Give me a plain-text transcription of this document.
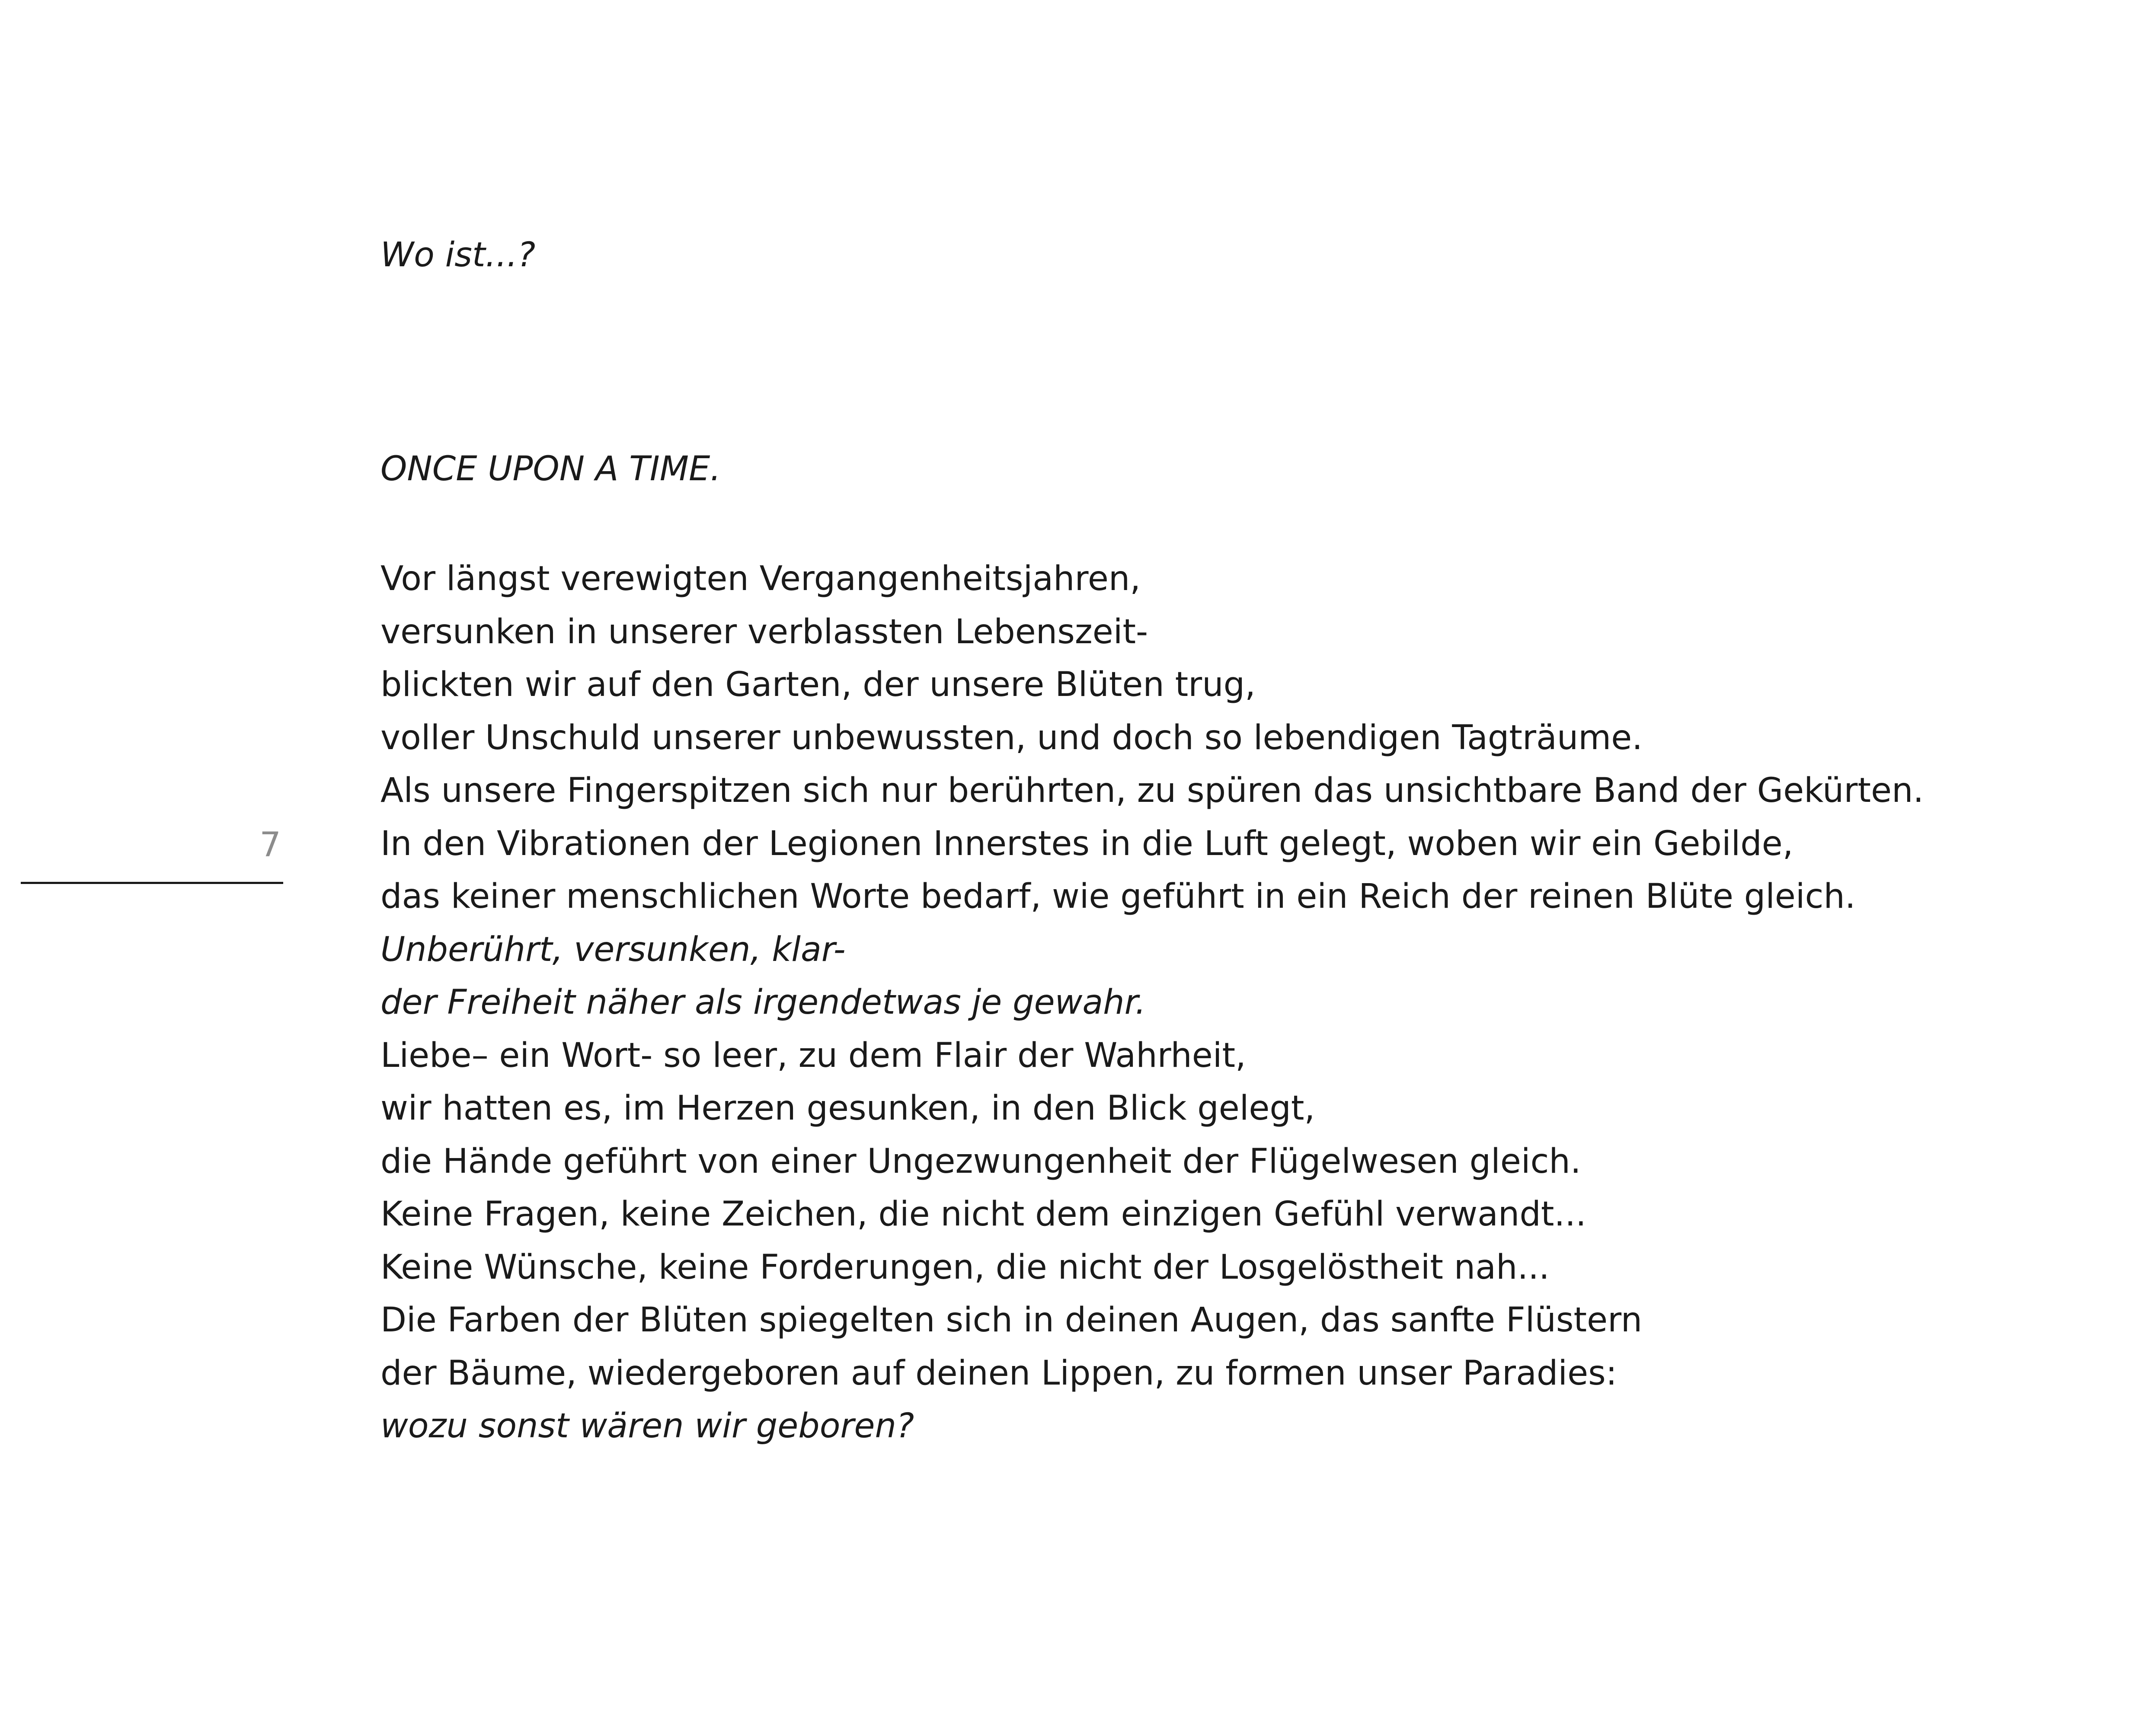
Wo ist...?
ONCE UPON A TIME.
Vor längst verewigten Vergangenheitsjahren,
versunken in unserer verblassten Lebenszeit-
blickten wir auf den Garten, der unsere Blüten trug,
voller Unschuld unserer unbewussten, und doch so lebendigen Tagträume.
Als unsere Fingerspitzen sich nur berührten, zu spüren das unsichtbare Band der Gekürten.
In den Vibrationen der Legionen Innerstes in die Luft gelegt, woben wir ein Gebilde,
das keiner menschlichen Worte bedarf, wie geführt in ein Reich der reinen Blüte gleich.
Unberührt, versunken, klar-
der Freiheit näher als irgendetwas je gewahr.
Liebe– ein Wort- so leer, zu dem Flair der Wahrheit,
wir hatten es, im Herzen gesunken, in den Blick gelegt,
die Hände geführt von einer Ungezwungenheit der Flügelwesen gleich.
Keine Fragen, keine Zeichen, die nicht dem einzigen Gefühl verwandt...
Keine Wünsche, keine Forderungen, die nicht der Losgelöstheit nah...
Die Farben der Blüten spiegelten sich in deinen Augen, das sanfte Flüstern
der Bäume, wiedergeboren auf deinen Lippen, zu formen unser Paradies:
wozu sonst wären wir geboren?
7
